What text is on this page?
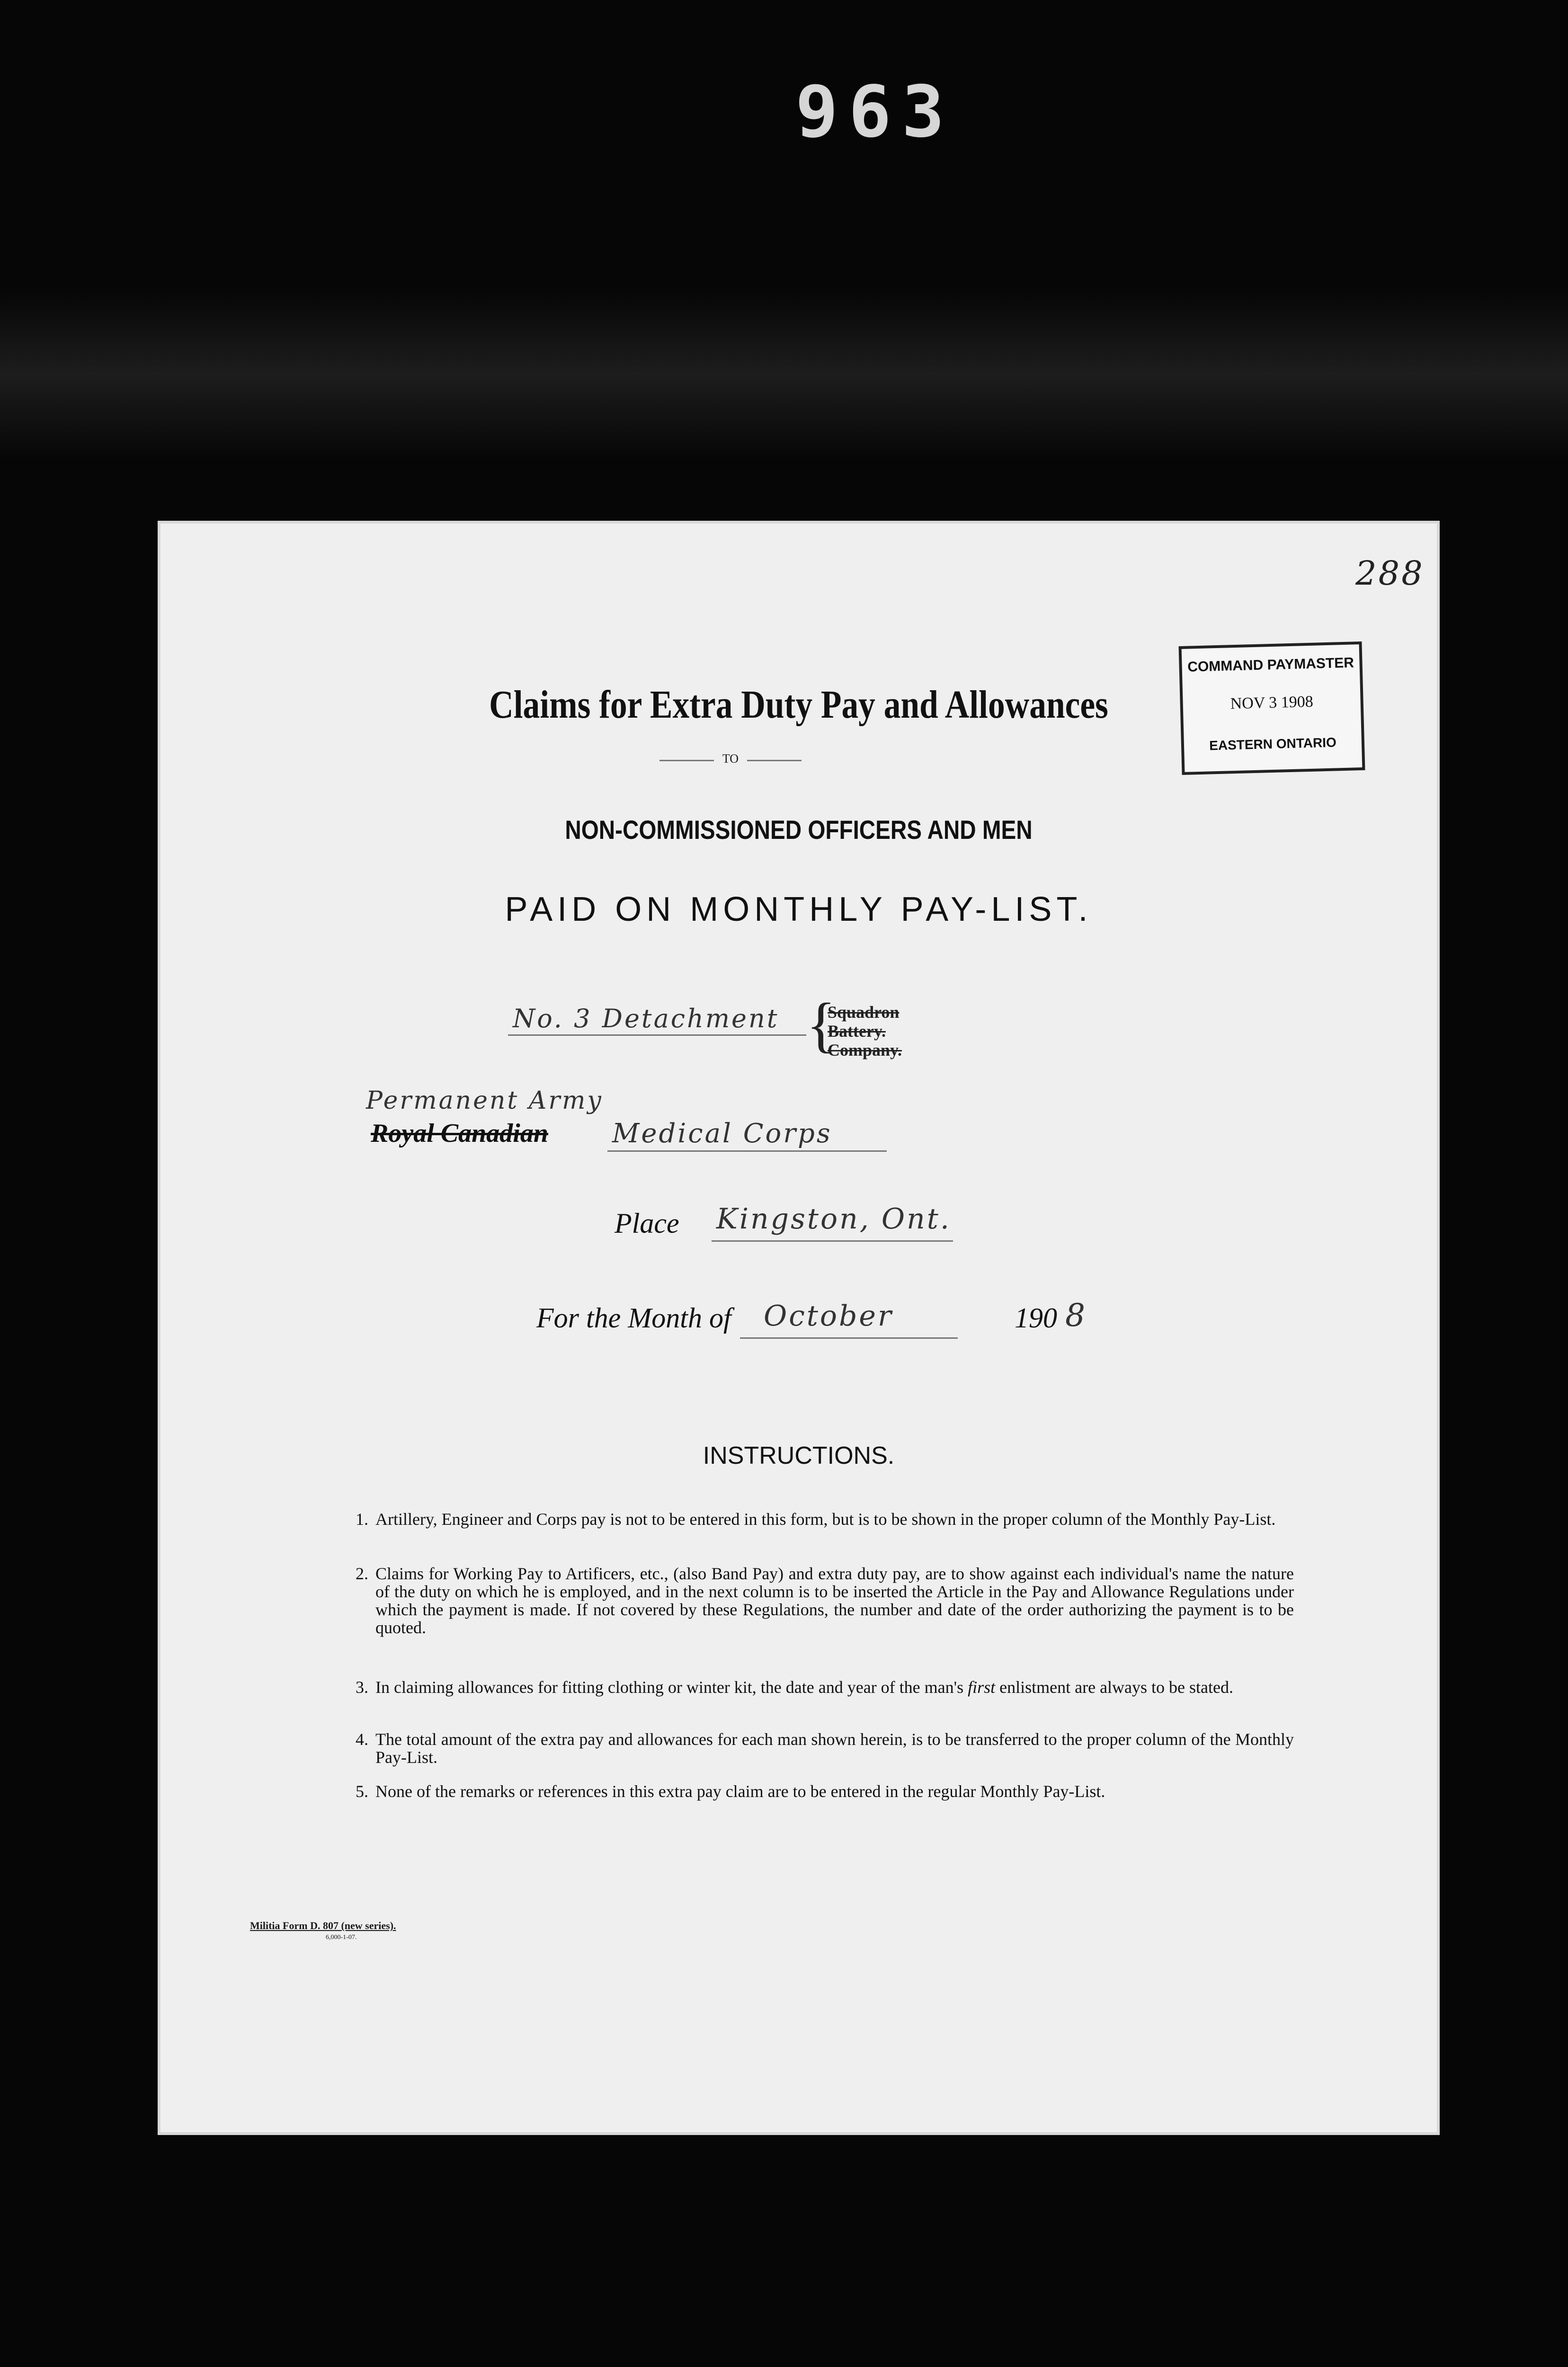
963
COMMAND PAYMASTER
NOV 3 1908
EASTERN ONTARIO
288
Claims for Extra Duty Pay and Allowances
TO
NON-COMMISSIONED OFFICERS AND MEN
PAID ON MONTHLY PAY-LIST.
No. 3 Detachment {
Squadron
Battery.
Company.
Permanent Army
Royal Canadian Medical Corps
Place Kingston, Ont.
For the Month of October	190 8
INSTRUCTIONS.
1. Artillery, Engineer and Corps pay is not to be entered in this form, but is to be shown in the proper column of the Monthly Pay-List.
2. Claims for Working Pay to Artificers, etc., (also Band Pay) and extra duty pay, are to show against each individual's name the nature of the duty on which he is employed, and in the next column is to be inserted the Article in the Pay and Allowance Regulations under which the payment is made. If not covered by these Regulations, the number and date of the order authorizing the payment is to be quoted.
3. In claiming allowances for fitting clothing or winter kit, the date and year of the man's first enlistment are always to be stated.
4. The total amount of the extra pay and allowances for each man shown herein, is to be transferred to the proper column of the Monthly Pay-List.
5. None of the remarks or references in this extra pay claim are to be entered in the regular Monthly Pay-List.
Militia Form D. 807 (new series).
6,000-1-07.
